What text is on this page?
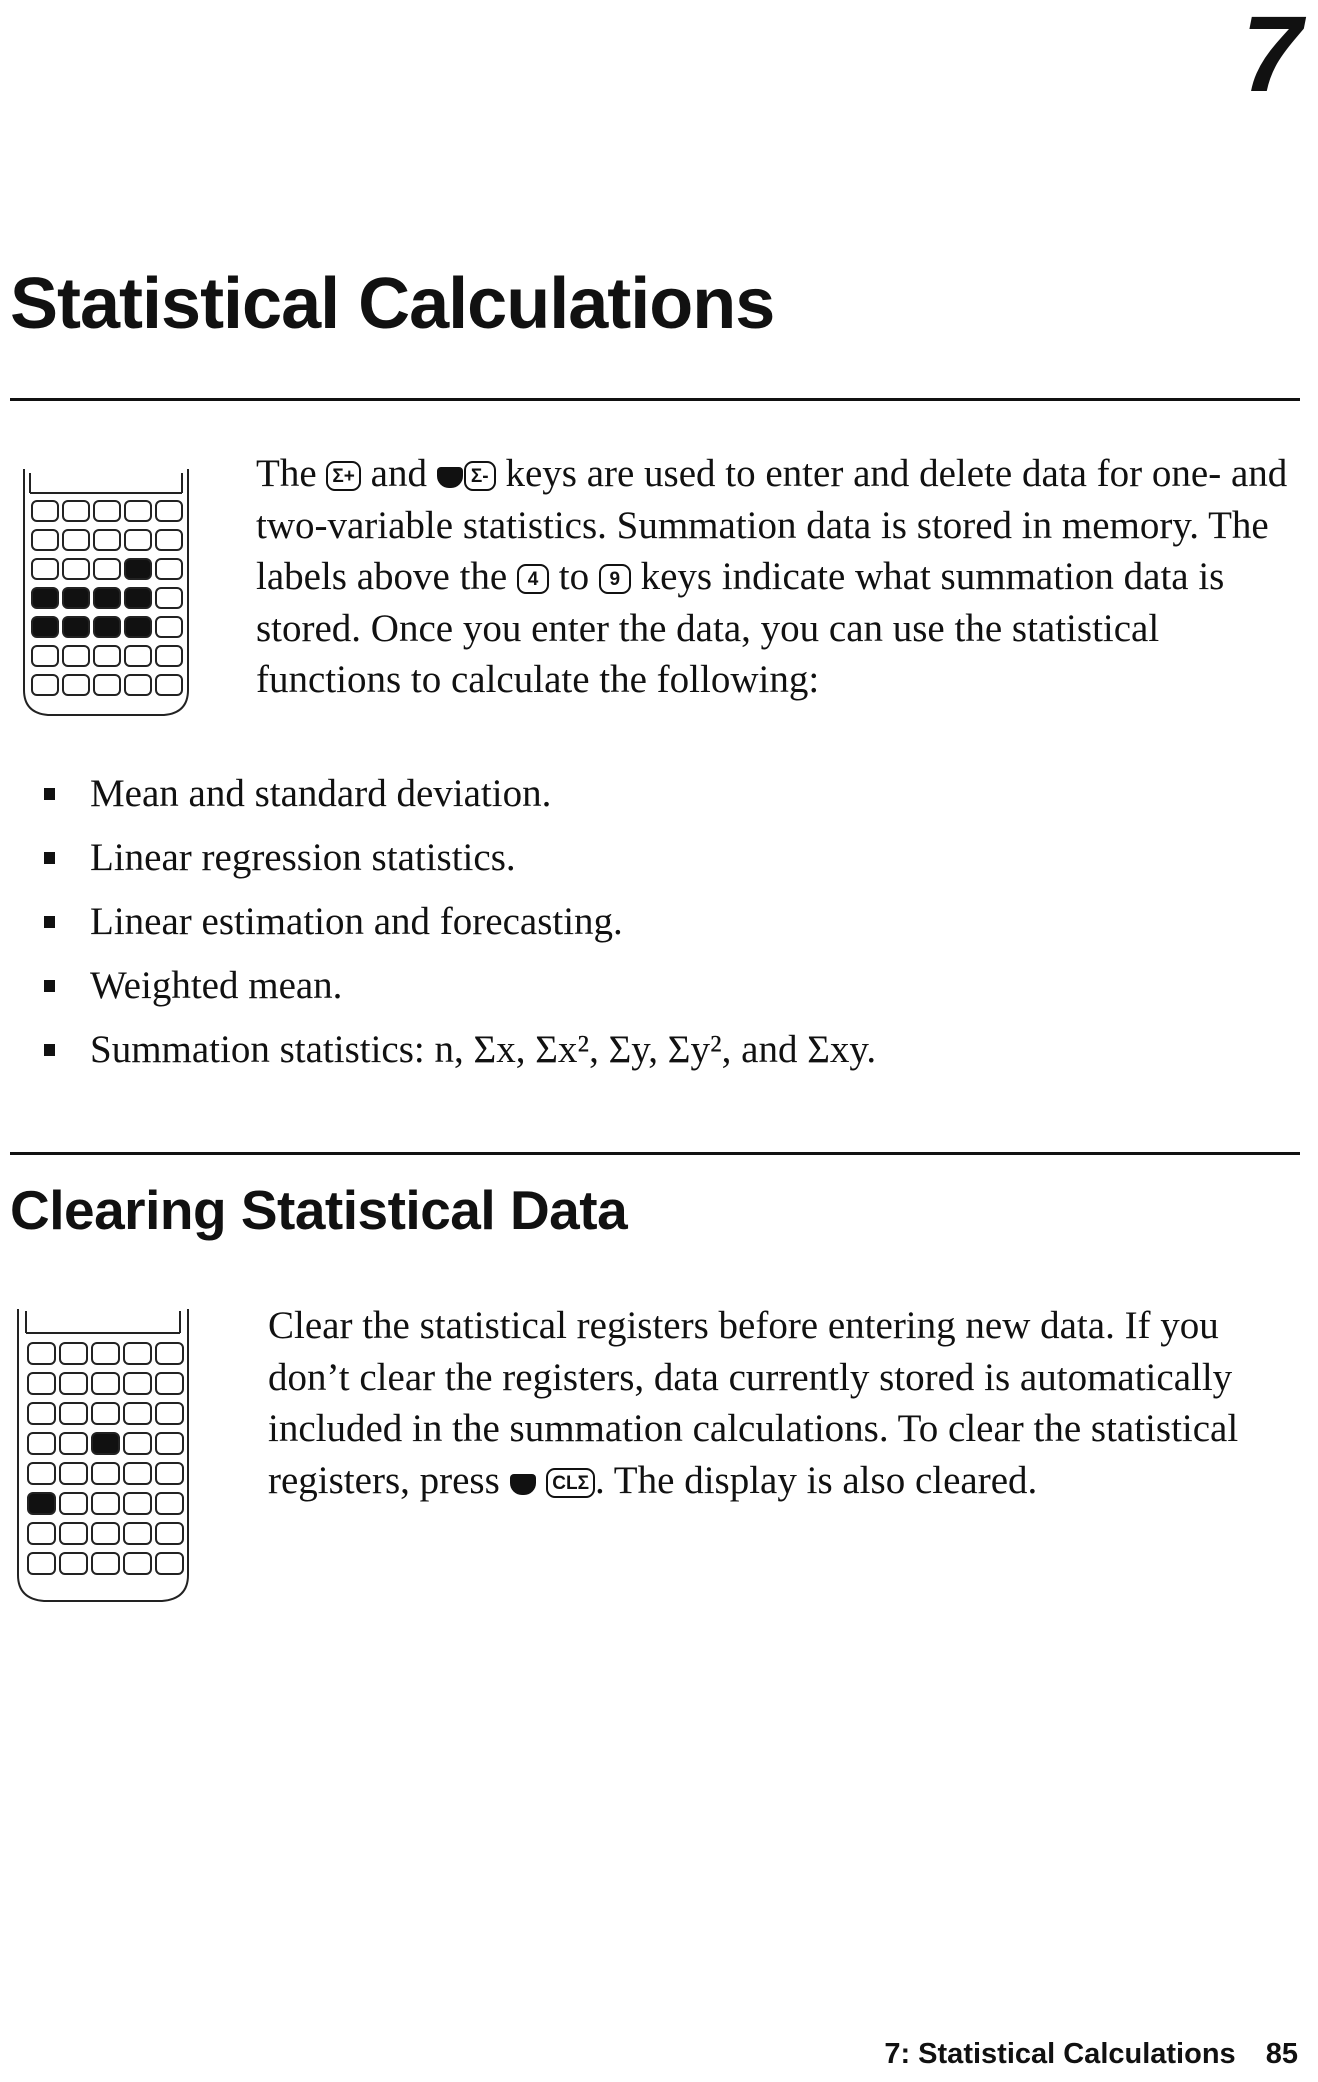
7
Statistical Calculations
The Σ+ and Σ- keys are used to enter and delete data for one- and two-variable statistics. Summation data is stored in memory. The labels above the 4 to 9 keys indicate what summation data is stored. Once you enter the data, you can use the statistical functions to calculate the following:
Mean and standard deviation.
Linear regression statistics.
Linear estimation and forecasting.
Weighted mean.
Summation statistics: n, Σx, Σx², Σy, Σy², and Σxy.
Clearing Statistical Data
Clear the statistical registers before entering new data. If you don’t clear the registers, data currently stored is automatically included in the summation calculations. To clear the statistical registers, press	CLΣ . The display is also cleared.
7: Statistical Calculations 85
